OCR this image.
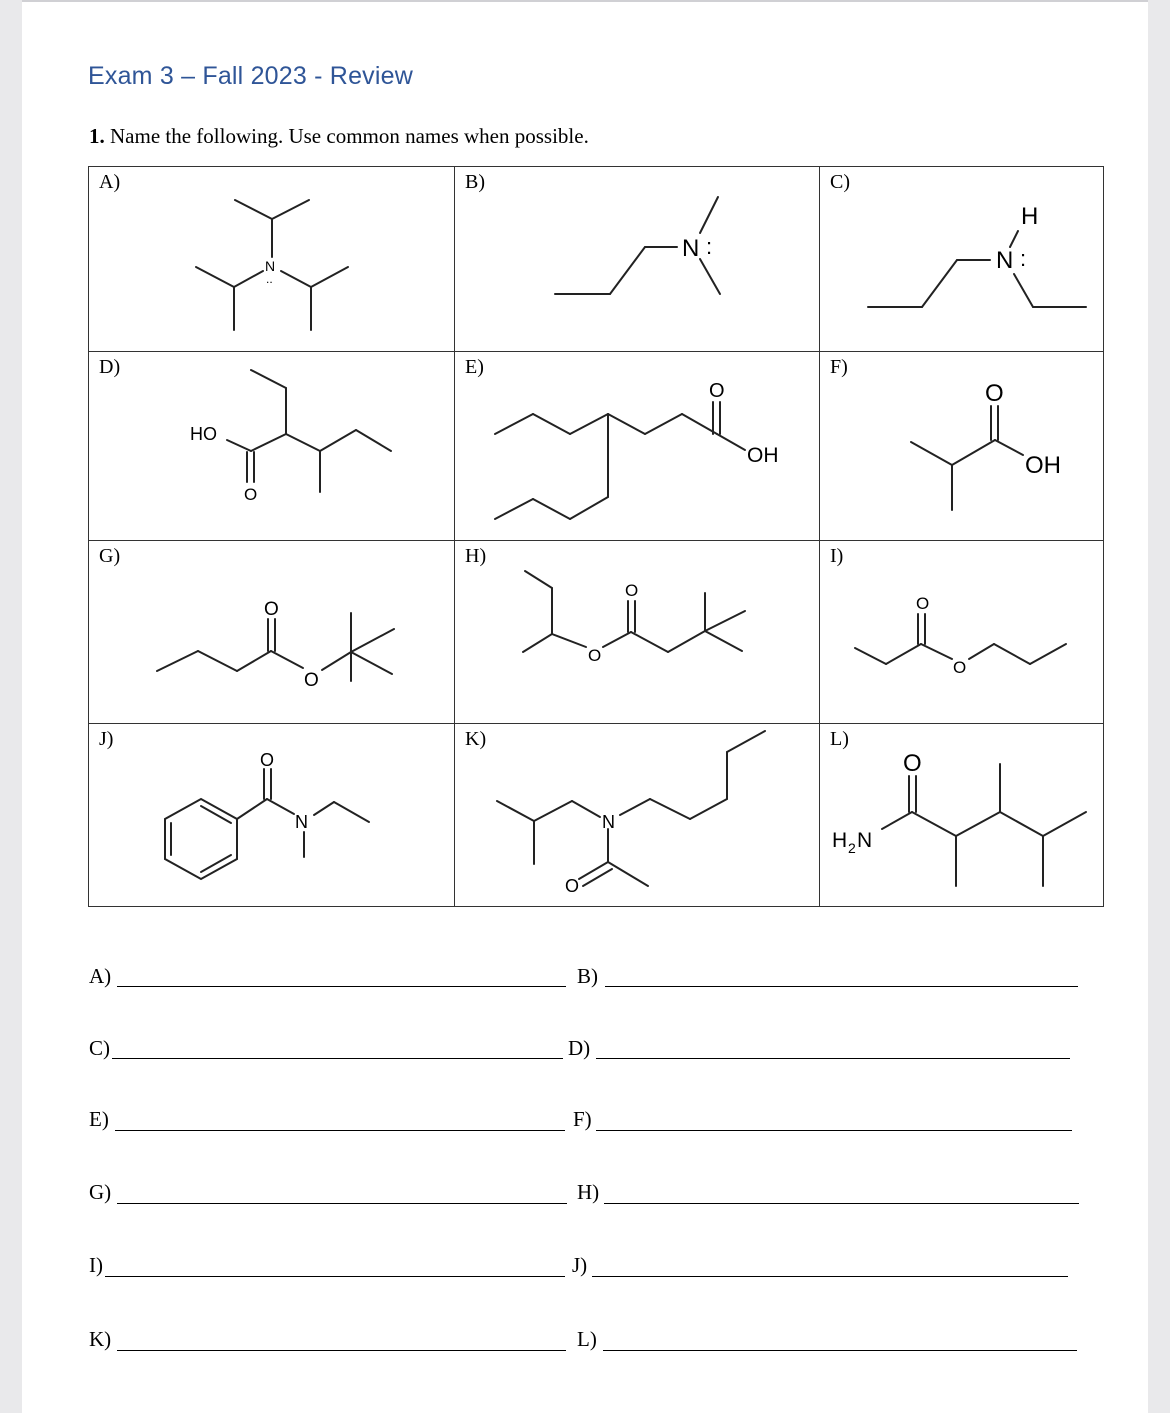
Exam 3 – Fall 2023 - Review
1. Name the following. Use common names when possible.
A)
N
..	B)
N :	C)
H
N :

D)
HO
O	E)
O
OH	F)
O
OH

G)
O
O	H)
O
O	I)
O
O

J)
O
N	K)
N
O	L)
O
H 2 N
A)	B)
C)	D)
E)	F)
G)	H)
I)	J)
K)	L)
